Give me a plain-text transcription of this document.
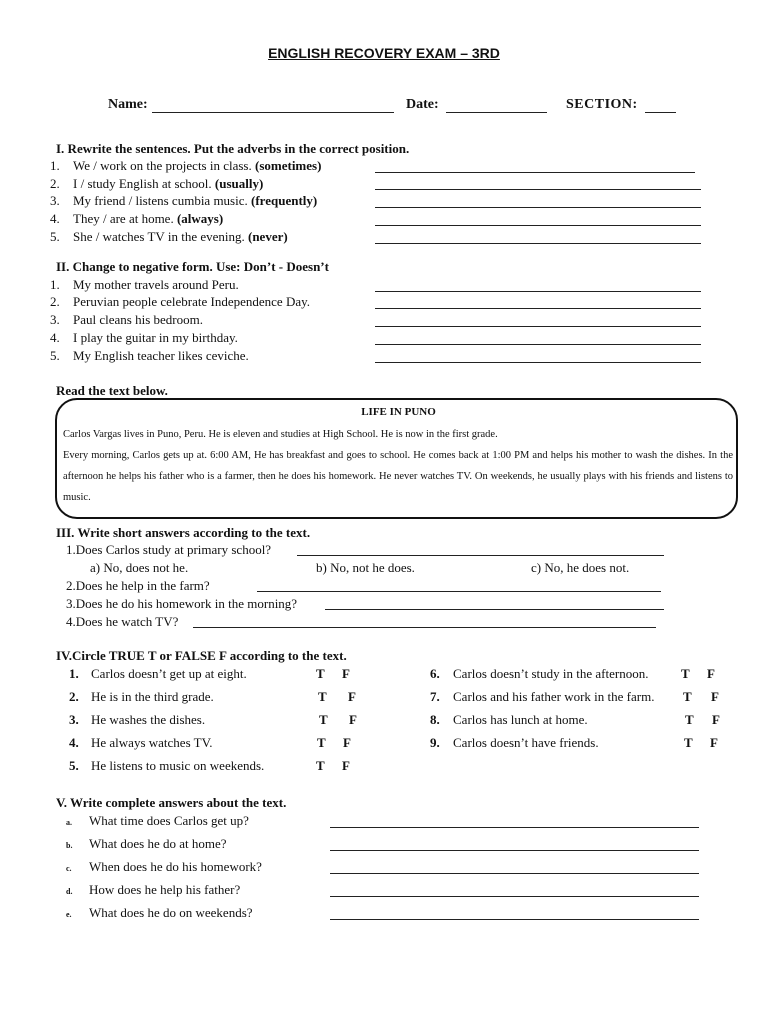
ENGLISH RECOVERY EXAM – 3RD
Name:	Date:	SECTION:
I. Rewrite the sentences. Put the adverbs in the correct position.
1. We / work on the projects in class. (sometimes)
2. I / study English at school. (usually)
3. My friend / listens cumbia music. (frequently)
4. They / are at home. (always)
5. She / watches TV in the evening. (never)
II. Change to negative form. Use: Don’t - Doesn’t
1. My mother travels around Peru.
2. Peruvian people celebrate Independence Day.
3. Paul cleans his bedroom.
4. I play the guitar in my birthday.
5. My English teacher likes ceviche.
Read the text below.
LIFE IN PUNO
Carlos Vargas lives in Puno, Peru. He is eleven and studies at High School. He is now in the first grade.
Every morning, Carlos gets up at. 6:00 AM, He has breakfast and goes to school. He comes back at 1:00 PM and helps his mother to wash the dishes. In the afternoon he helps his father who is a farmer, then he does his homework. He never watches TV. On weekends, he usually plays with his friends and listens to music.
III. Write short answers according to the text.
1.Does Carlos study at primary school?
a) No, does not he.	b) No, not he does.	c) No, he does not.
2.Does he help in the farm?
3.Does he do his homework in the morning?
4.Does he watch TV?
IV.Circle TRUE T or FALSE F according to the text.
1. Carlos doesn’t get up at eight.	T F
2. He is in the third grade.	T F
3. He washes the dishes.	T F
4. He always watches TV.	T F
5. He listens to music on weekends.	T F
6. Carlos doesn’t study in the afternoon.	T F
7. Carlos and his father work in the farm. T F
8. Carlos has lunch at home.	T F
9. Carlos doesn’t have friends.	T F
V. Write complete answers about the text.
a. What time does Carlos get up?
b. What does he do at home?
c. When does he do his homework?
d. How does he help his father?
e. What does he do on weekends?
